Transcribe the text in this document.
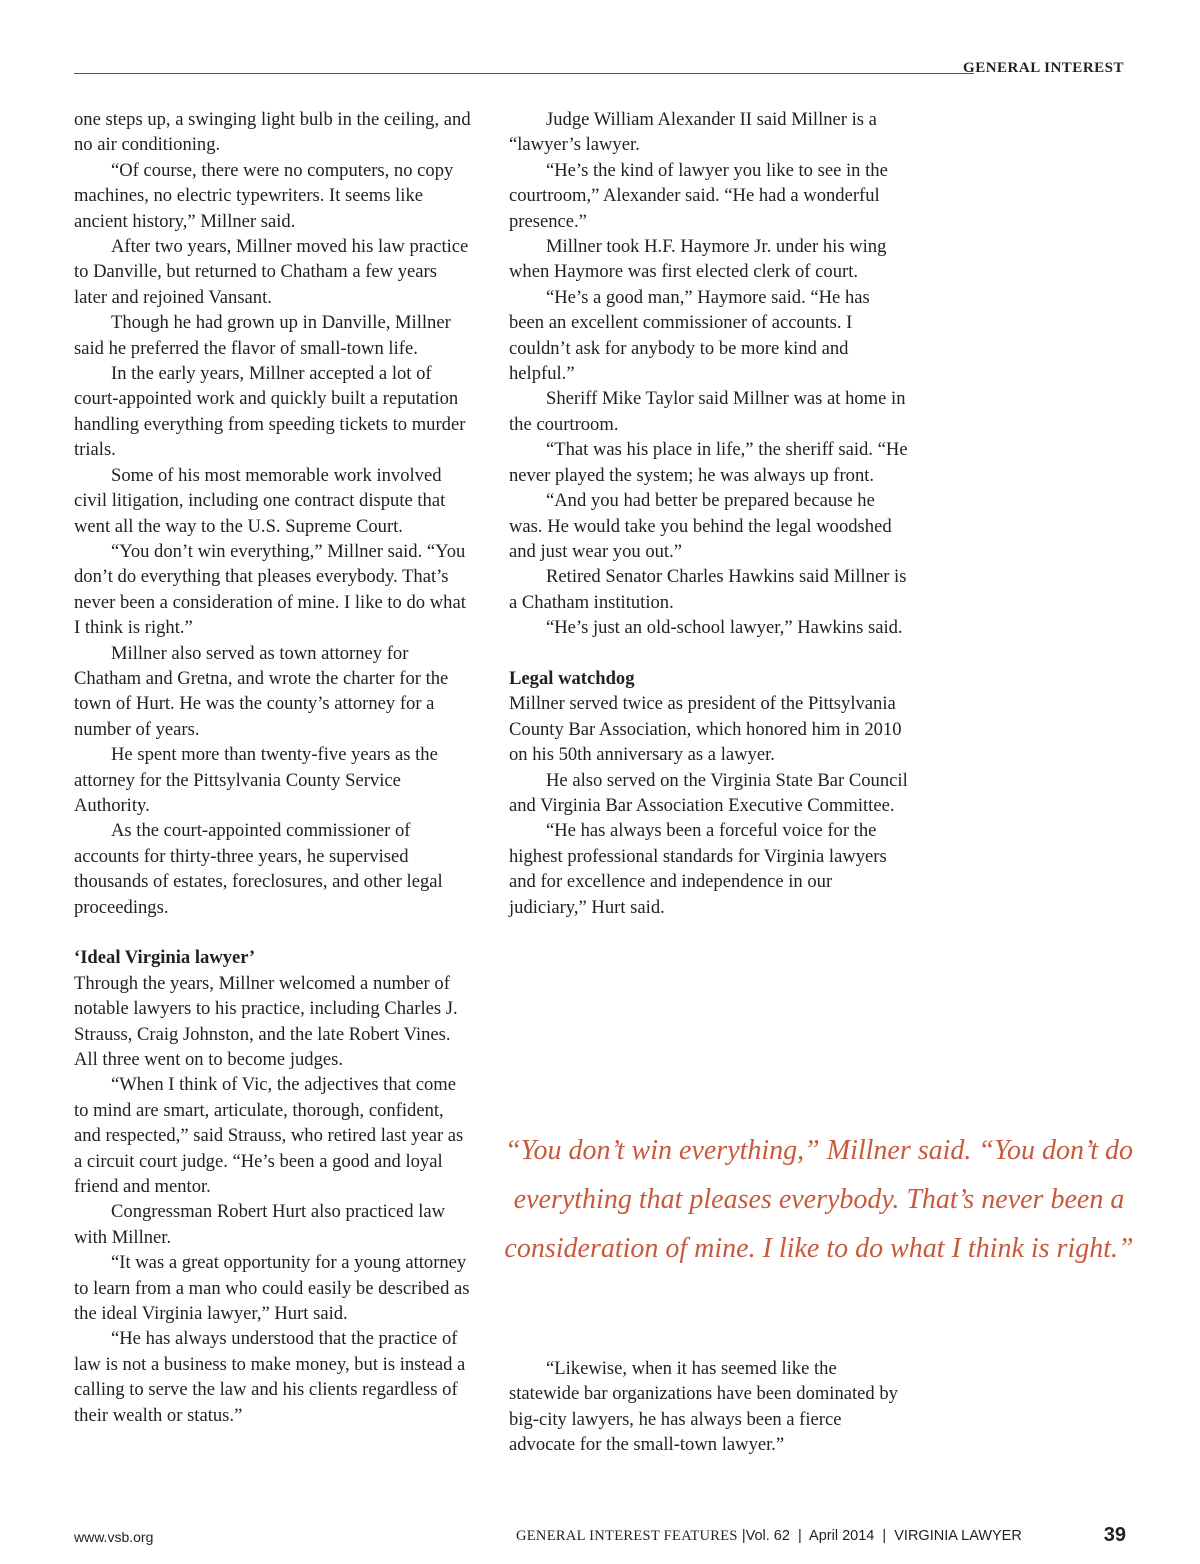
GENERAL INTEREST

one steps up, a swinging light bulb in the ceiling, and no air conditioning.

“Of course, there were no computers, no copy machines, no electric typewriters. It seems like ancient history,” Millner said.

After two years, Millner moved his law practice to Danville, but returned to Chatham a few years later and rejoined Vansant.

Though he had grown up in Danville, Millner said he preferred the flavor of small-town life.

In the early years, Millner accepted a lot of court-appointed work and quickly built a reputation handling everything from speeding tickets to murder trials.

Some of his most memorable work involved civil litigation, including one contract dispute that went all the way to the U.S. Supreme Court.

“You don’t win everything,” Millner said. “You don’t do everything that pleases everybody. That’s never been a consideration of mine. I like to do what I think is right.”

Millner also served as town attorney for Chatham and Gretna, and wrote the charter for the town of Hurt. He was the county’s attorney for a number of years.

He spent more than twenty-five years as the attorney for the Pittsylvania County Service Authority.

As the court-appointed commissioner of accounts for thirty-three years, he supervised thousands of estates, foreclosures, and other legal proceedings.

‘Ideal Virginia lawyer’

Through the years, Millner welcomed a number of notable lawyers to his practice, including Charles J. Strauss, Craig Johnston, and the late Robert Vines. All three went on to become judges.

“When I think of Vic, the adjectives that come to mind are smart, articulate, thorough, confident, and respected,” said Strauss, who retired last year as a circuit court judge. “He’s been a good and loyal friend and mentor.

Congressman Robert Hurt also practiced law with Millner.

“It was a great opportunity for a young attorney to learn from a man who could easily be described as the ideal Virginia lawyer,” Hurt said.

“He has always understood that the practice of law is not a business to make money, but is instead a calling to serve the law and his clients regardless of their wealth or status.”

Judge William Alexander II said Millner is a “lawyer’s lawyer.

“He’s the kind of lawyer you like to see in the courtroom,” Alexander said. “He had a wonderful presence.”

Millner took H.F. Haymore Jr. under his wing when Haymore was first elected clerk of court.

“He’s a good man,” Haymore said. “He has been an excellent commissioner of accounts. I couldn’t ask for anybody to be more kind and helpful.”

Sheriff Mike Taylor said Millner was at home in the courtroom.

“That was his place in life,” the sheriff said. “He never played the system; he was always up front.

“And you had better be prepared because he was. He would take you behind the legal woodshed and just wear you out.”

Retired Senator Charles Hawkins said Millner is a Chatham institution.

“He’s just an old-school lawyer,” Hawkins said.

Legal watchdog

Millner served twice as president of the Pittsylvania County Bar Association, which honored him in 2010 on his 50th anniversary as a lawyer.

He also served on the Virginia State Bar Council and Virginia Bar Association Executive Committee.

“He has always been a forceful voice for the highest professional standards for Virginia lawyers and for excellence and independence in our judiciary,” Hurt said.

“You don’t win everything,” Millner said. “You don’t do everything that pleases everybody. That’s never been a consideration of mine. I like to do what I think is right.”

“Likewise, when it has seemed like the statewide bar organizations have been dominated by big-city lawyers, he has always been a fierce advocate for the small-town lawyer.”

www.vsb.org	GENERAL INTEREST FEATURES |Vol. 62 | April 2014 | VIRGINIA LAWYER	39
